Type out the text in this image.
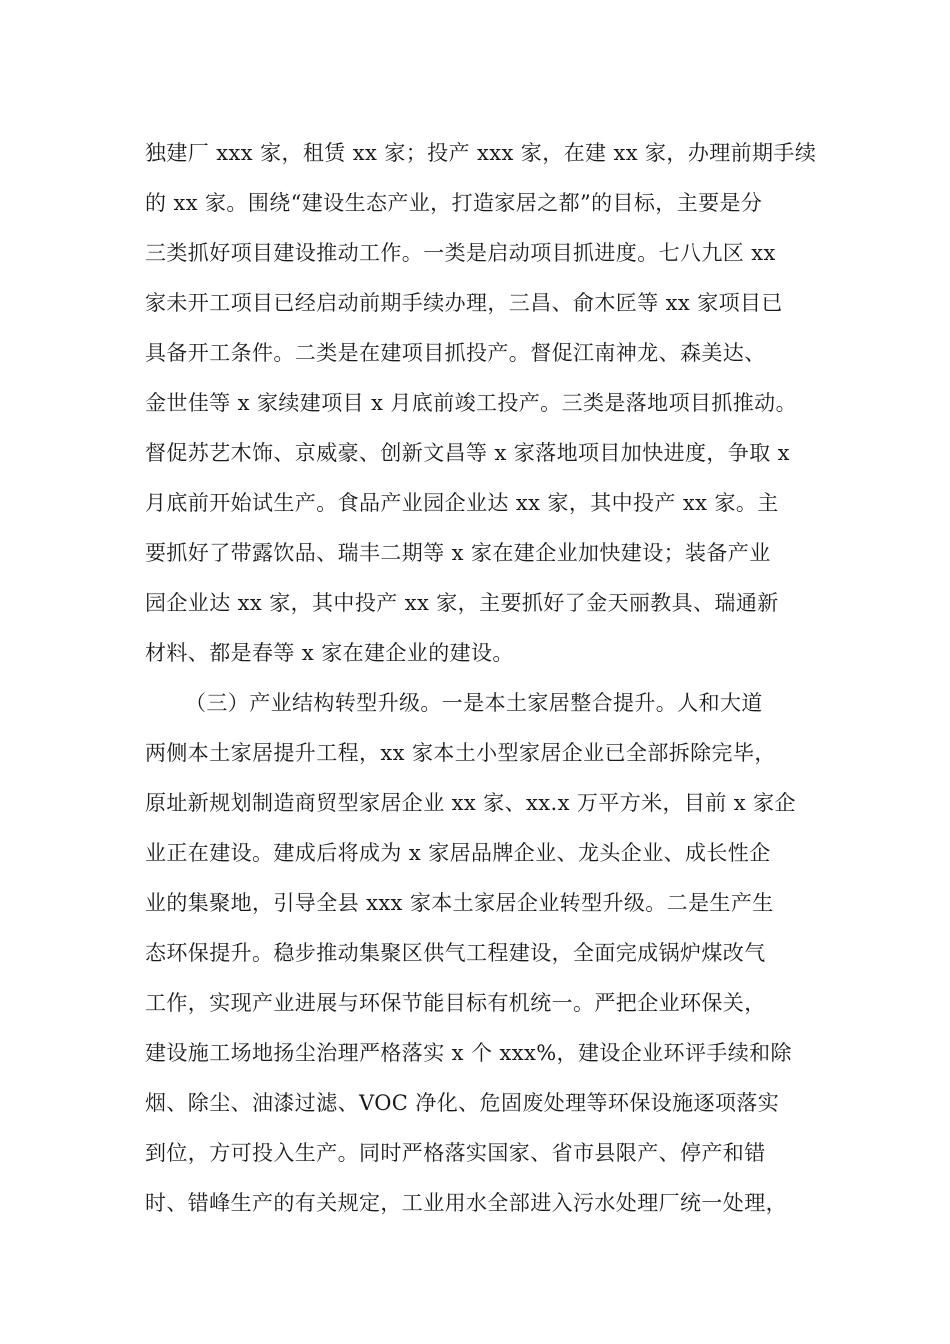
独建厂 xxx 家，租赁 xx 家；投产 xxx 家，在建 xx 家，办理前期手续
的 xx 家。围绕“建设生态产业，打造家居之都”的目标，主要是分
三类抓好项目建设推动工作。一类是启动项目抓进度。七八九区 xx
家未开工项目已经启动前期手续办理，三昌、俞木匠等 xx 家项目已
具备开工条件。二类是在建项目抓投产。督促江南神龙、森美达、
金世佳等 x 家续建项目 x 月底前竣工投产。三类是落地项目抓推动。
督促苏艺木饰、京威豪、创新文昌等 x 家落地项目加快进度，争取 x
月底前开始试生产。食品产业园企业达 xx 家，其中投产 xx 家。主
要抓好了带露饮品、瑞丰二期等 x 家在建企业加快建设；装备产业
园企业达 xx 家，其中投产 xx 家，主要抓好了金天丽教具、瑞通新
材料、都是春等 x 家在建企业的建设。
（三）产业结构转型升级。一是本土家居整合提升。人和大道
两侧本土家居提升工程，xx 家本土小型家居企业已全部拆除完毕，
原址新规划制造商贸型家居企业 xx 家、xx.x 万平方米，目前 x 家企
业正在建设。建成后将成为 x 家居品牌企业、龙头企业、成长性企
业的集聚地，引导全县 xxx 家本土家居企业转型升级。二是生产生
态环保提升。稳步推动集聚区供气工程建设，全面完成锅炉煤改气
工作，实现产业进展与环保节能目标有机统一。严把企业环保关，
建设施工场地扬尘治理严格落实 x 个 xxx%，建设企业环评手续和除
烟、除尘、油漆过滤、VOC 净化、危固废处理等环保设施逐项落实
到位，方可投入生产。同时严格落实国家、省市县限产、停产和错
时、错峰生产的有关规定，工业用水全部进入污水处理厂统一处理，
